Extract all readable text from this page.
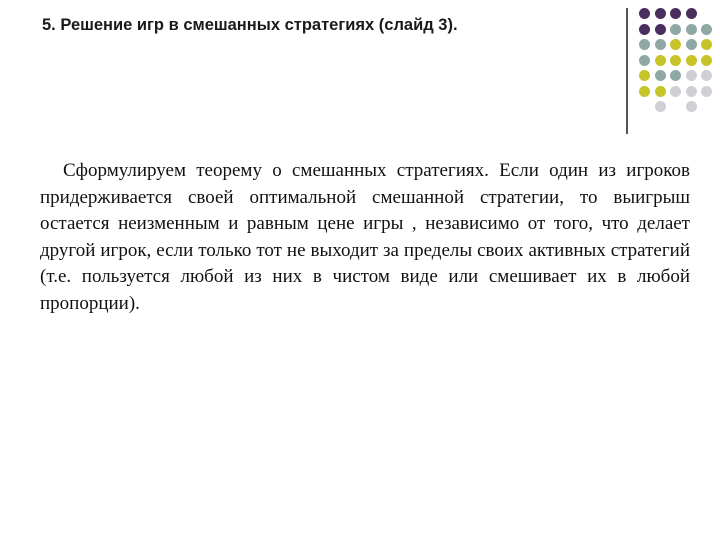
5. Решение игр в смешанных стратегиях (слайд 3).

Сформулируем теорему о смешанных стратегиях. Если один из игроков придерживается своей оптимальной смешанной стратегии, то выигрыш остается неизменным и равным цене игры , независимо от того, что делает другой игрок, если только тот не выходит за пределы своих активных стратегий (т.е. пользуется любой из них в чистом виде или смешивает их в любой пропорции).
